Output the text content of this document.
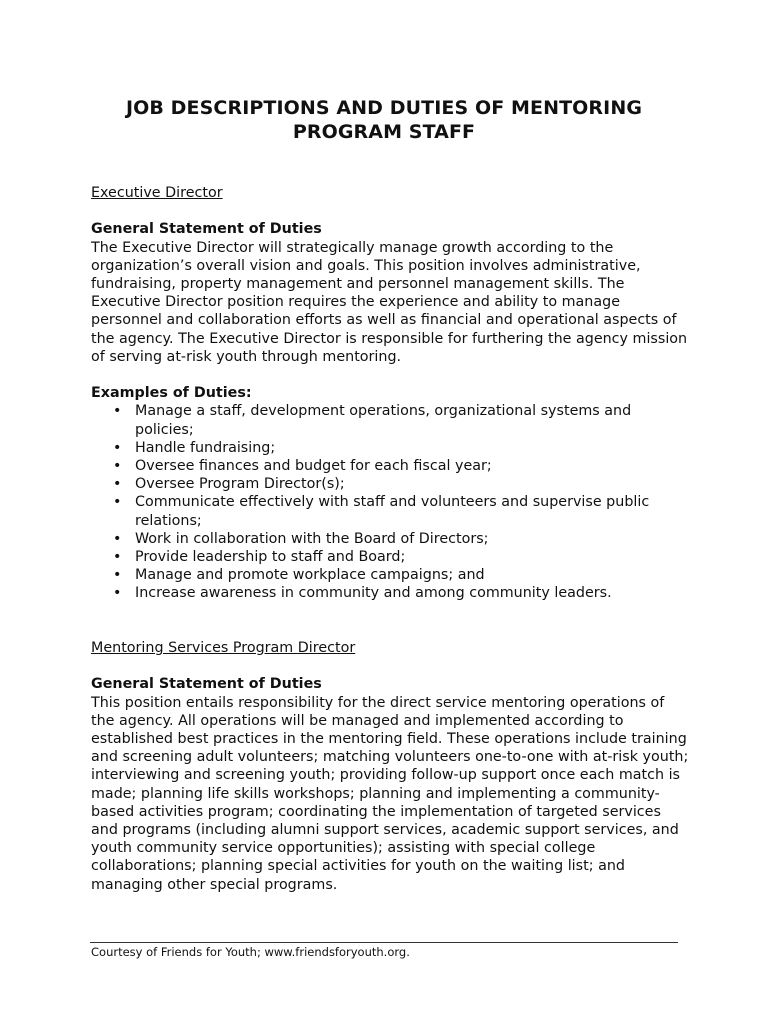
JOB DESCRIPTIONS AND DUTIES OF MENTORING PROGRAM STAFF

Executive Director

General Statement of Duties

The Executive Director will strategically manage growth according to the organization’s overall vision and goals. This position involves administrative, fundraising, property management and personnel management skills. The Executive Director position requires the experience and ability to manage personnel and collaboration efforts as well as financial and operational aspects of the agency. The Executive Director is responsible for furthering the agency mission of serving at-risk youth through mentoring.

Examples of Duties:

• Manage a staff, development operations, organizational systems and policies;
• Handle fundraising;
• Oversee finances and budget for each fiscal year;
• Oversee Program Director(s);
• Communicate effectively with staff and volunteers and supervise public relations;
• Work in collaboration with the Board of Directors;
• Provide leadership to staff and Board;
• Manage and promote workplace campaigns; and
• Increase awareness in community and among community leaders.

Mentoring Services Program Director

General Statement of Duties

This position entails responsibility for the direct service mentoring operations of the agency. All operations will be managed and implemented according to established best practices in the mentoring field. These operations include training and screening adult volunteers; matching volunteers one-to-one with at-risk youth; interviewing and screening youth; providing follow-up support once each match is made; planning life skills workshops; planning and implementing a community-based activities program; coordinating the implementation of targeted services and programs (including alumni support services, academic support services, and youth community service opportunities); assisting with special college collaborations; planning special activities for youth on the waiting list; and managing other special programs.

Courtesy of Friends for Youth; www.friendsforyouth.org.
